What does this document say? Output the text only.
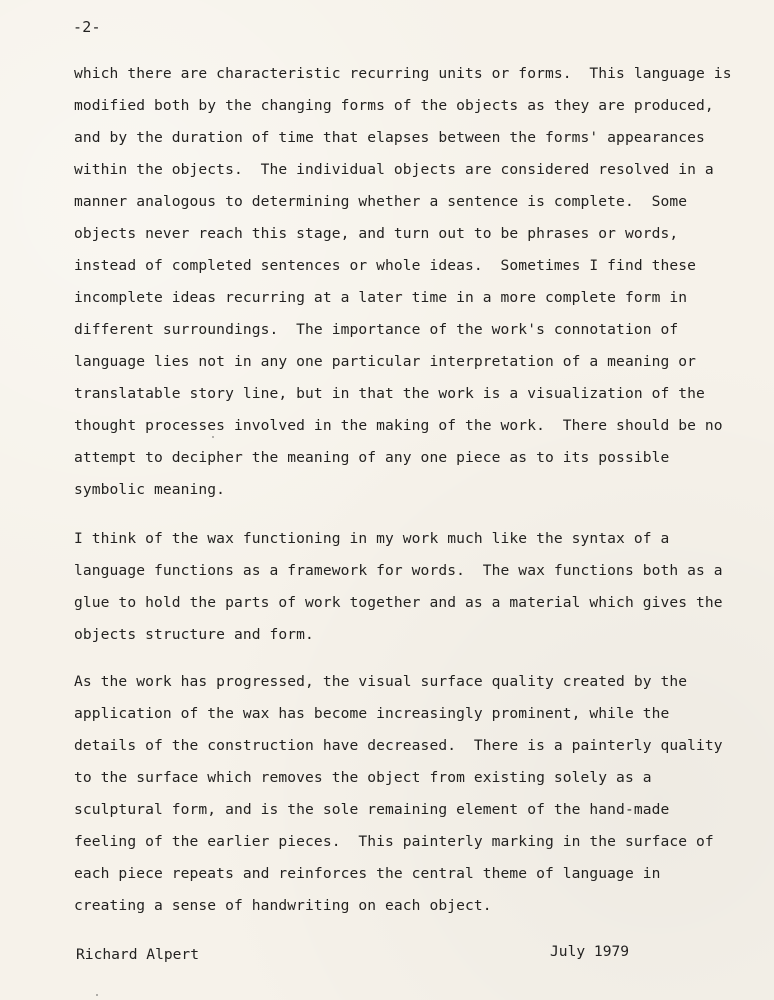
-2-
which there are characteristic recurring units or forms.  This language is
modified both by the changing forms of the objects as they are produced,
and by the duration of time that elapses between the forms' appearances
within the objects.  The individual objects are considered resolved in a
manner analogous to determining whether a sentence is complete.  Some
objects never reach this stage, and turn out to be phrases or words,
instead of completed sentences or whole ideas.  Sometimes I find these
incomplete ideas recurring at a later time in a more complete form in
different surroundings.  The importance of the work's connotation of
language lies not in any one particular interpretation of a meaning or
translatable story line, but in that the work is a visualization of the
thought processes involved in the making of the work.  There should be no
attempt to decipher the meaning of any one piece as to its possible
symbolic meaning.
I think of the wax functioning in my work much like the syntax of a
language functions as a framework for words.  The wax functions both as a
glue to hold the parts of work together and as a material which gives the
objects structure and form.
As the work has progressed, the visual surface quality created by the
application of the wax has become increasingly prominent, while the
details of the construction have decreased.  There is a painterly quality
to the surface which removes the object from existing solely as a
sculptural form, and is the sole remaining element of the hand-made
feeling of the earlier pieces.  This painterly marking in the surface of
each piece repeats and reinforces the central theme of language in
creating a sense of handwriting on each object.
Richard Alpert	July 1979
